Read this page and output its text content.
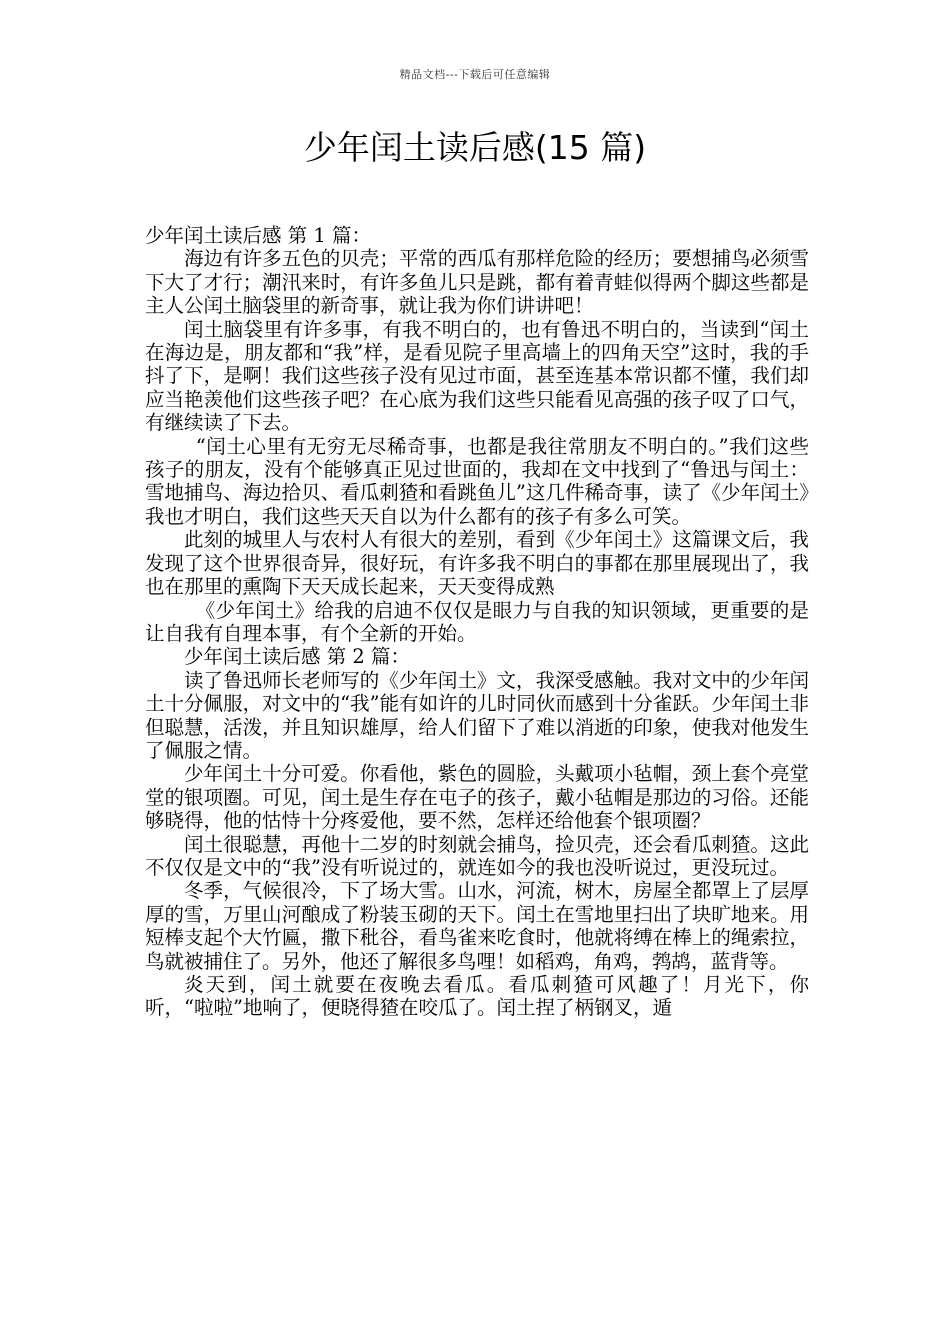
精品文档---下载后可任意编辑
少年闰土读后感(15 篇)

少年闰土读后感 第 1 篇：

海边有许多五色的贝壳；平常的西瓜有那样危险的经历；要想捕鸟必须雪下大了才行；潮汛来时，有许多鱼儿只是跳，都有着青蛙似得两个脚这些都是主人公闰土脑袋里的新奇事，就让我为你们讲讲吧！

闰土脑袋里有许多事，有我不明白的，也有鲁迅不明白的，当读到“闰土在海边是，朋友都和“我”样，是看见院子里高墙上的四角天空”这时，我的手抖了下，是啊！我们这些孩子没有见过市面，甚至连基本常识都不懂，我们却应当艳羡他们这些孩子吧？在心底为我们这些只能看见高强的孩子叹了口气，有继续读了下去。

“闰土心里有无穷无尽稀奇事，也都是我往常朋友不明白的。”我们这些孩子的朋友，没有个能够真正见过世面的，我却在文中找到了“鲁迅与闰土：雪地捕鸟、海边拾贝、看瓜刺猹和看跳鱼儿”这几件稀奇事，读了《少年闰土》我也才明白，我们这些天天自以为什么都有的孩子有多么可笑。

此刻的城里人与农村人有很大的差别，看到《少年闰土》这篇课文后，我发现了这个世界很奇异，很好玩，有许多我不明白的事都在那里展现出了，我也在那里的熏陶下天天成长起来，天天变得成熟

《少年闰土》给我的启迪不仅仅是眼力与自我的知识领域，更重要的是让自我有自理本事，有个全新的开始。

少年闰土读后感 第 2 篇：

读了鲁迅师长老师写的《少年闰土》文，我深受感触。我对文中的少年闰土十分佩服，对文中的“我”能有如许的儿时同伙而感到十分雀跃。少年闰土非但聪慧，活泼，并且知识雄厚，给人们留下了难以消逝的印象，使我对他发生了佩服之情。

少年闰土十分可爱。你看他，紫色的圆脸，头戴项小毡帽，颈上套个亮堂堂的银项圈。可见，闰土是生存在屯子的孩子，戴小毡帽是那边的习俗。还能够晓得，他的怙恃十分疼爱他，要不然，怎样还给他套个银项圈？

闰土很聪慧，再他十二岁的时刻就会捕鸟，捡贝壳，还会看瓜刺猹。这此不仅仅是文中的“我”没有听说过的，就连如今的我也没听说过，更没玩过。

冬季，气候很冷，下了场大雪。山水，河流，树木，房屋全都罩上了层厚厚的雪，万里山河酿成了粉装玉砌的天下。闰土在雪地里扫出了块旷地来。用短棒支起个大竹匾，撒下秕谷，看鸟雀来吃食时，他就将缚在棒上的绳索拉，鸟就被捕住了。另外，他还了解很多鸟哩！如稻鸡，角鸡，鹁鸪，蓝背等。

炎天到，闰土就要在夜晚去看瓜。看瓜刺猹可风趣了！月光下，你听，“啦啦”地响了，便晓得猹在咬瓜了。闰土捏了柄钢叉，遁
